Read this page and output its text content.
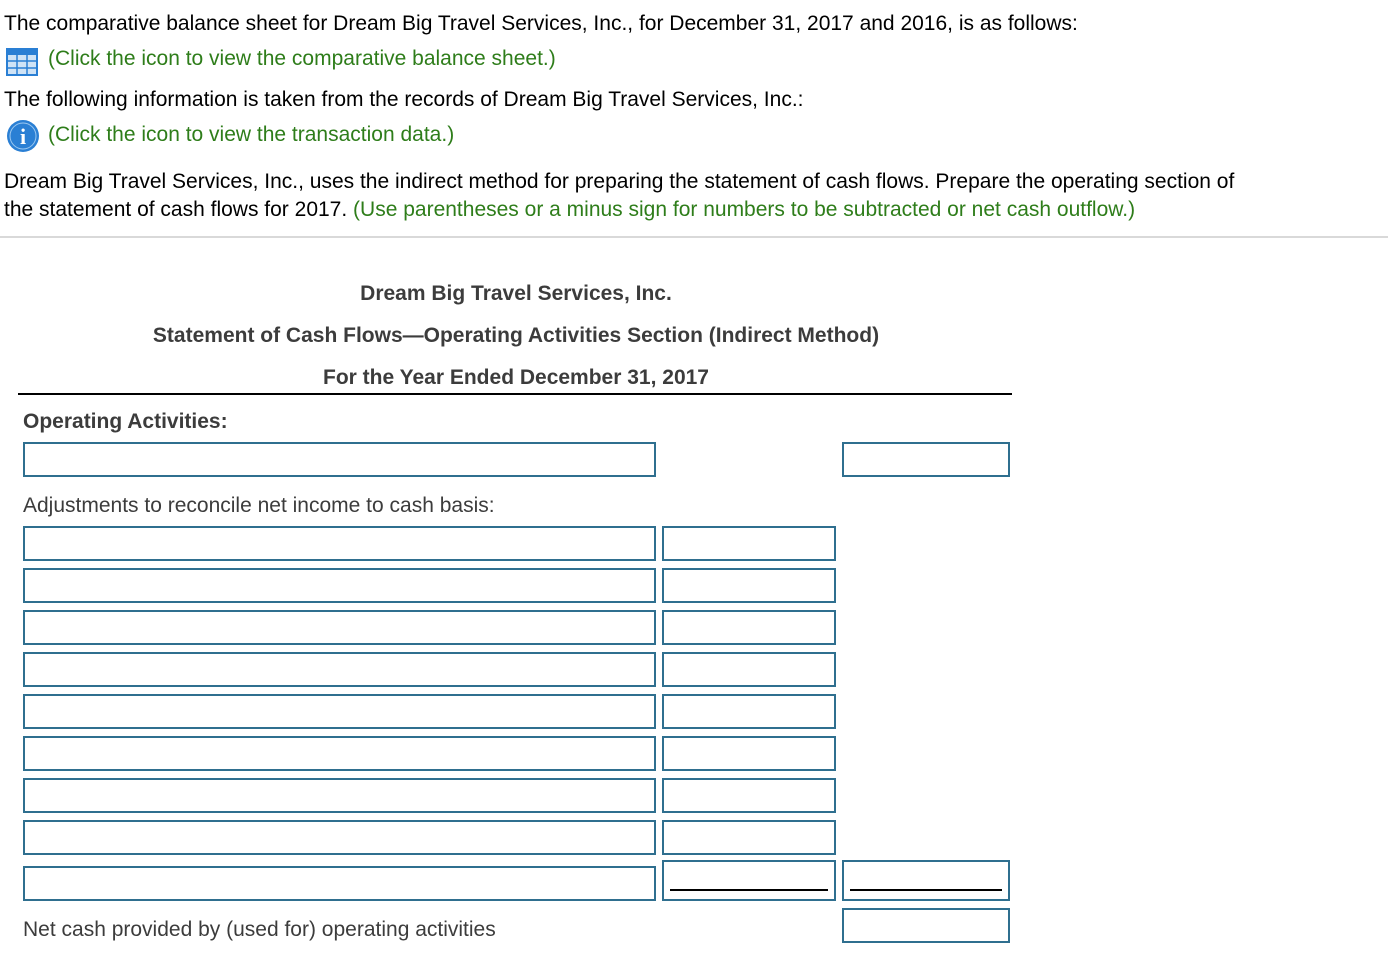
The comparative balance sheet for Dream Big Travel Services, Inc., for December 31, 2017 and 2016, is as follows:
(Click the icon to view the comparative balance sheet.)
The following information is taken from the records of Dream Big Travel Services, Inc.:
i (Click the icon to view the transaction data.)
Dream Big Travel Services, Inc., uses the indirect method for preparing the statement of cash flows. Prepare the operating section of
the statement of cash flows for 2017. (Use parentheses or a minus sign for numbers to be subtracted or net cash outflow.)
Dream Big Travel Services, Inc.
Statement of Cash Flows—Operating Activities Section (Indirect Method)
For the Year Ended December 31, 2017
Operating Activities:
Adjustments to reconcile net income to cash basis:
Net cash provided by (used for) operating activities
